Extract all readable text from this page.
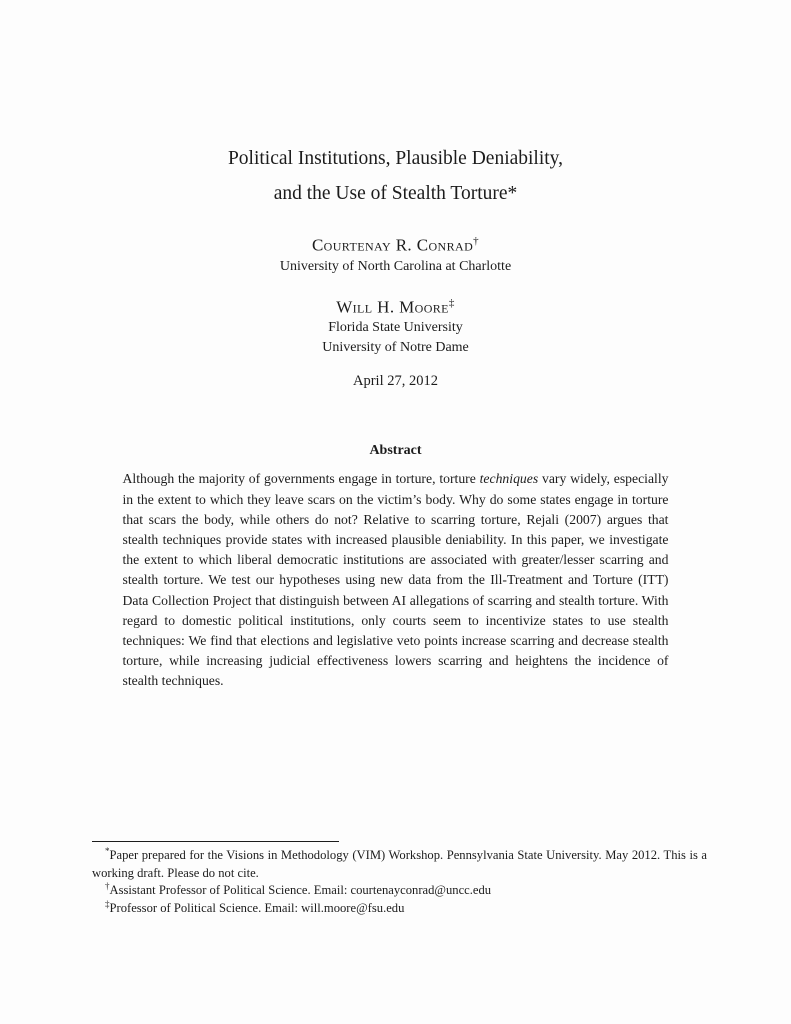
Political Institutions, Plausible Deniability,
and the Use of Stealth Torture*
Courtenay R. Conrad†
University of North Carolina at Charlotte
Will H. Moore‡
Florida State University
University of Notre Dame
April 27, 2012
Abstract

Although the majority of governments engage in torture, torture techniques vary widely, especially in the extent to which they leave scars on the victim’s body. Why do some states engage in torture that scars the body, while others do not? Relative to scarring torture, Rejali (2007) argues that stealth techniques provide states with increased plausible deniability. In this paper, we investigate the extent to which liberal democratic institutions are associated with greater/lesser scarring and stealth torture. We test our hypotheses using new data from the Ill-Treatment and Torture (ITT) Data Collection Project that distinguish between AI allegations of scarring and stealth torture. With regard to domestic political institutions, only courts seem to incentivize states to use stealth techniques: We find that elections and legislative veto points increase scarring and decrease stealth torture, while increasing judicial effectiveness lowers scarring and heightens the incidence of stealth techniques.

*Paper prepared for the Visions in Methodology (VIM) Workshop. Pennsylvania State University. May 2012. This is a working draft. Please do not cite.

†Assistant Professor of Political Science. Email: courtenayconrad@uncc.edu

‡Professor of Political Science. Email: will.moore@fsu.edu
